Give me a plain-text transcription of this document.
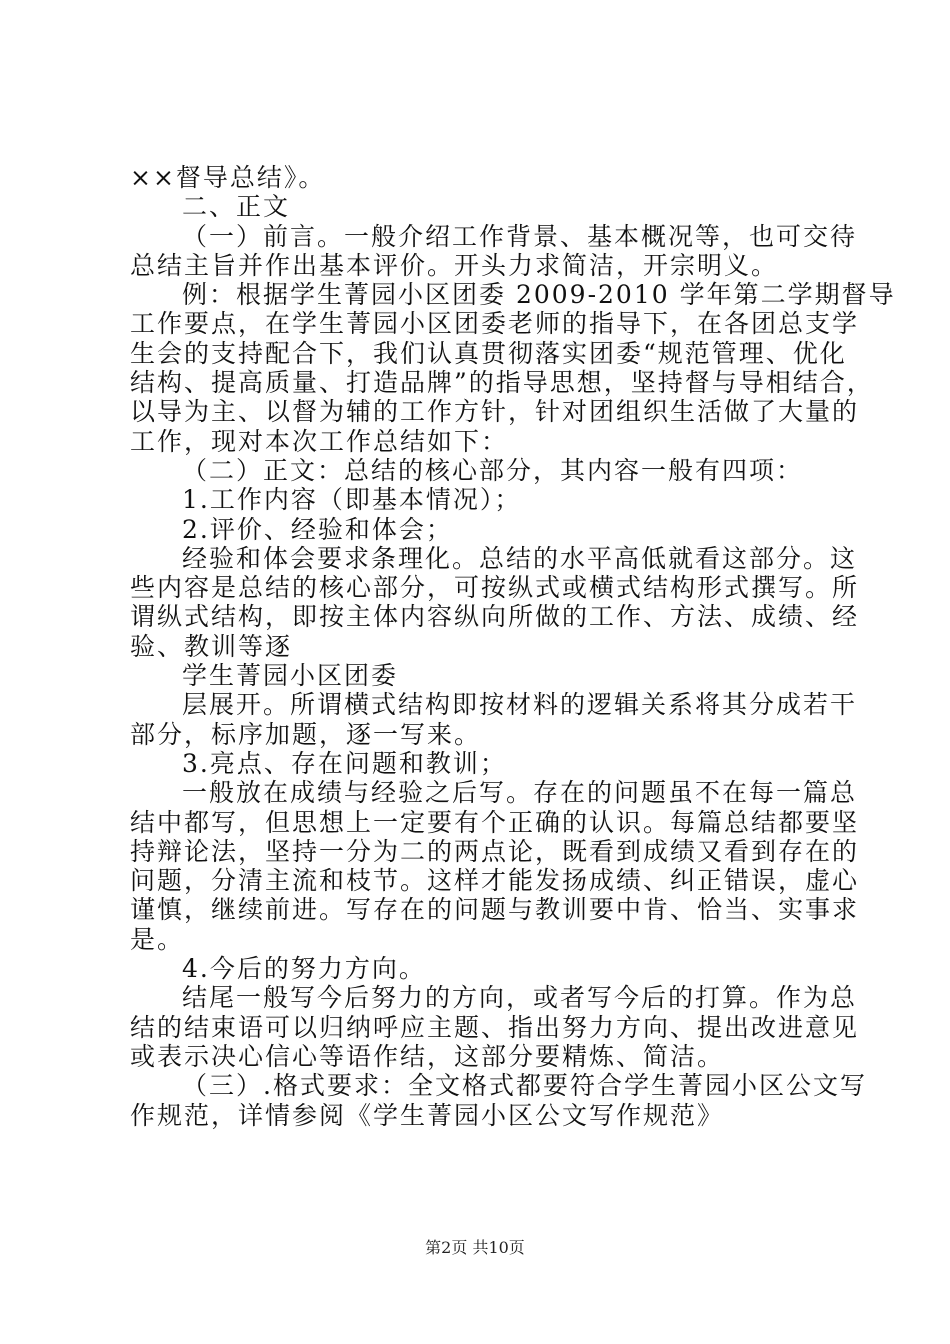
××督导总结》。
二、正文
（一）前言。一般介绍工作背景、基本概况等，也可交待
总结主旨并作出基本评价。开头力求简洁，开宗明义。
例：根据学生菁园小区团委 2009-2010 学年第二学期督导
工作要点，在学生菁园小区团委老师的指导下，在各团总支学
生会的支持配合下，我们认真贯彻落实团委“规范管理、优化
结构、提高质量、打造品牌”的指导思想，坚持督与导相结合，
以导为主、以督为辅的工作方针，针对团组织生活做了大量的
工作，现对本次工作总结如下：
（二）正文：总结的核心部分，其内容一般有四项：
1.工作内容（即基本情况）；
2.评价、经验和体会；
经验和体会要求条理化。总结的水平高低就看这部分。这
些内容是总结的核心部分，可按纵式或横式结构形式撰写。所
谓纵式结构，即按主体内容纵向所做的工作、方法、成绩、经
验、教训等逐
学生菁园小区团委
层展开。所谓横式结构即按材料的逻辑关系将其分成若干
部分，标序加题，逐一写来。
3.亮点、存在问题和教训；
一般放在成绩与经验之后写。存在的问题虽不在每一篇总
结中都写，但思想上一定要有个正确的认识。每篇总结都要坚
持辩论法，坚持一分为二的两点论，既看到成绩又看到存在的
问题，分清主流和枝节。这样才能发扬成绩、纠正错误，虚心
谨慎，继续前进。写存在的问题与教训要中肯、恰当、实事求
是。
4.今后的努力方向。
结尾一般写今后努力的方向，或者写今后的打算。作为总
结的结束语可以归纳呼应主题、指出努力方向、提出改进意见
或表示决心信心等语作结，这部分要精炼、简洁。
（三）.格式要求：全文格式都要符合学生菁园小区公文写
作规范，详情参阅《学生菁园小区公文写作规范》
第2页 共10页
